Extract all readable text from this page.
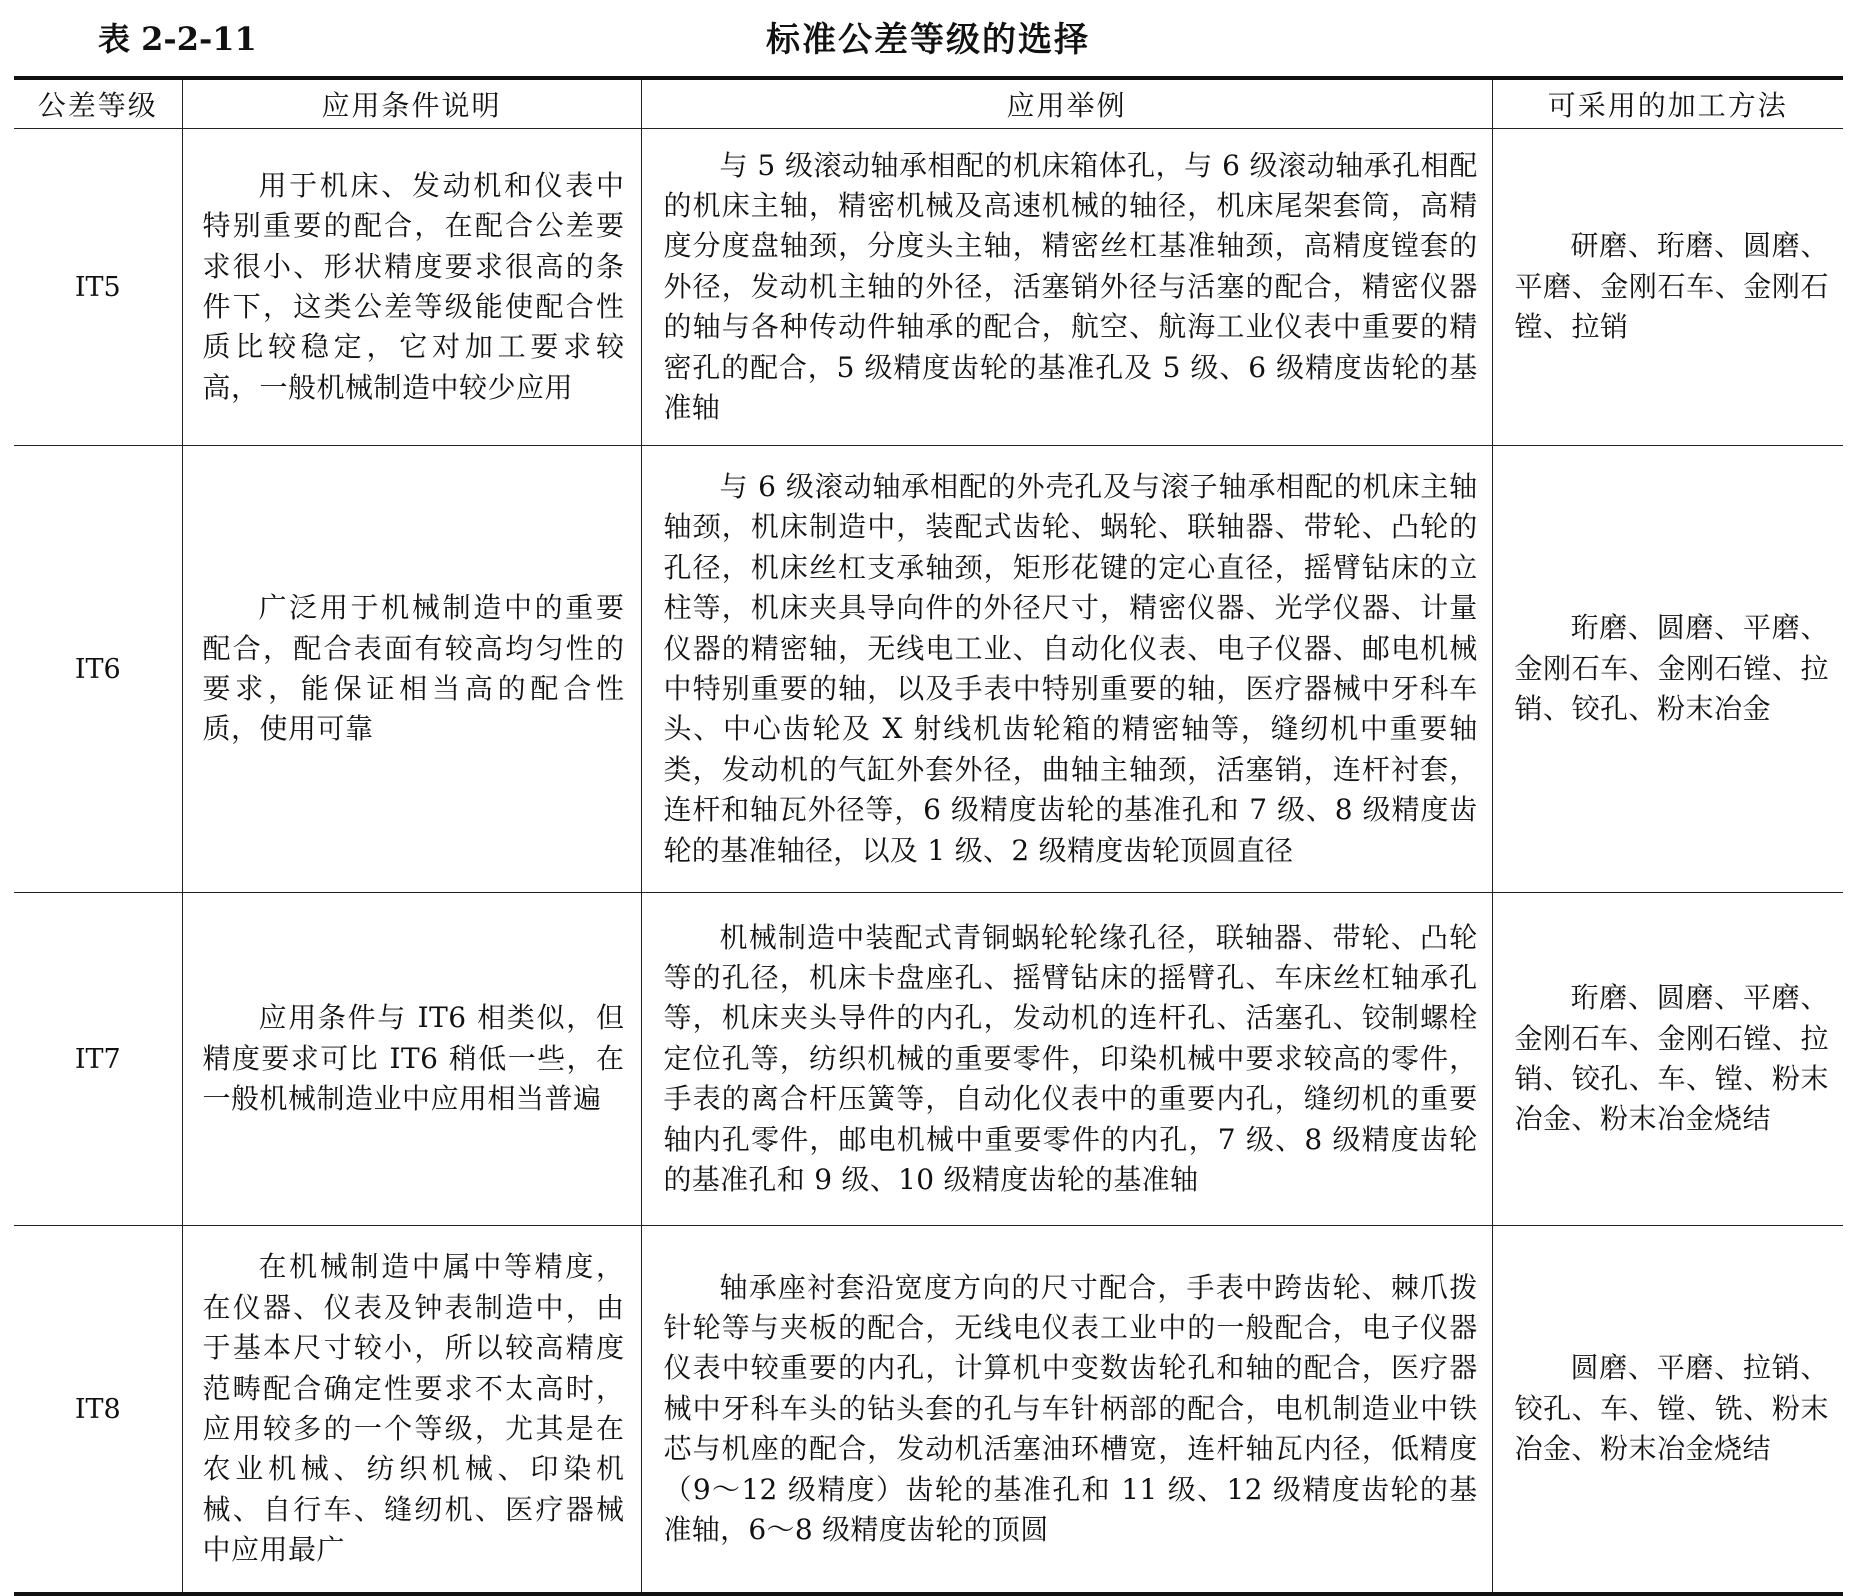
表 2-2-11	标准公差等级的选择
公差等级	应用条件说明	应用举例	可采用的加工方法
IT5	用于机床、发动机和仪表中特别重要的配合，在配合公差要求很小、形状精度要求很高的条件下，这类公差等级能使配合性质比较稳定，它对加工要求较高，一般机械制造中较少应用	与 5 级滚动轴承相配的机床箱体孔，与 6 级滚动轴承孔相配的机床主轴，精密机械及高速机械的轴径，机床尾架套筒，高精度分度盘轴颈，分度头主轴，精密丝杠基准轴颈，高精度镗套的外径，发动机主轴的外径，活塞销外径与活塞的配合，精密仪器的轴与各种传动件轴承的配合，航空、航海工业仪表中重要的精密孔的配合，5 级精度齿轮的基准孔及 5 级、6 级精度齿轮的基准轴	研磨、珩磨、圆磨、平磨、金刚石车、金刚石镗、拉销
IT6	广泛用于机械制造中的重要配合，配合表面有较高均匀性的要求，能保证相当高的配合性质，使用可靠	与 6 级滚动轴承相配的外壳孔及与滚子轴承相配的机床主轴轴颈，机床制造中，装配式齿轮、蜗轮、联轴器、带轮、凸轮的孔径，机床丝杠支承轴颈，矩形花键的定心直径，摇臂钻床的立柱等，机床夹具导向件的外径尺寸，精密仪器、光学仪器、计量仪器的精密轴，无线电工业、自动化仪表、电子仪器、邮电机械中特别重要的轴，以及手表中特别重要的轴，医疗器械中牙科车头、中心齿轮及 X 射线机齿轮箱的精密轴等，缝纫机中重要轴类，发动机的气缸外套外径，曲轴主轴颈，活塞销，连杆衬套，连杆和轴瓦外径等，6 级精度齿轮的基准孔和 7 级、8 级精度齿轮的基准轴径，以及 1 级、2 级精度齿轮顶圆直径	珩磨、圆磨、平磨、金刚石车、金刚石镗、拉销、铰孔、粉末冶金
IT7	应用条件与 IT6 相类似，但精度要求可比 IT6 稍低一些，在一般机械制造业中应用相当普遍	机械制造中装配式青铜蜗轮轮缘孔径，联轴器、带轮、凸轮等的孔径，机床卡盘座孔、摇臂钻床的摇臂孔、车床丝杠轴承孔等，机床夹头导件的内孔，发动机的连杆孔、活塞孔、铰制螺栓定位孔等，纺织机械的重要零件，印染机械中要求较高的零件，手表的离合杆压簧等，自动化仪表中的重要内孔，缝纫机的重要轴内孔零件，邮电机械中重要零件的内孔，7 级、8 级精度齿轮的基准孔和 9 级、10 级精度齿轮的基准轴	珩磨、圆磨、平磨、金刚石车、金刚石镗、拉销、铰孔、车、镗、粉末冶金、粉末冶金烧结
IT8	在机械制造中属中等精度，在仪器、仪表及钟表制造中，由于基本尺寸较小，所以较高精度范畴配合确定性要求不太高时，应用较多的一个等级，尤其是在农业机械、纺织机械、印染机械、自行车、缝纫机、医疗器械中应用最广	轴承座衬套沿宽度方向的尺寸配合，手表中跨齿轮、棘爪拨针轮等与夹板的配合，无线电仪表工业中的一般配合，电子仪器仪表中较重要的内孔，计算机中变数齿轮孔和轴的配合，医疗器械中牙科车头的钻头套的孔与车针柄部的配合，电机制造业中铁芯与机座的配合，发动机活塞油环槽宽，连杆轴瓦内径，低精度（9～12 级精度）齿轮的基准孔和 11 级、12 级精度齿轮的基准轴，6～8 级精度齿轮的顶圆	圆磨、平磨、拉销、铰孔、车、镗、铣、粉末冶金、粉末冶金烧结
